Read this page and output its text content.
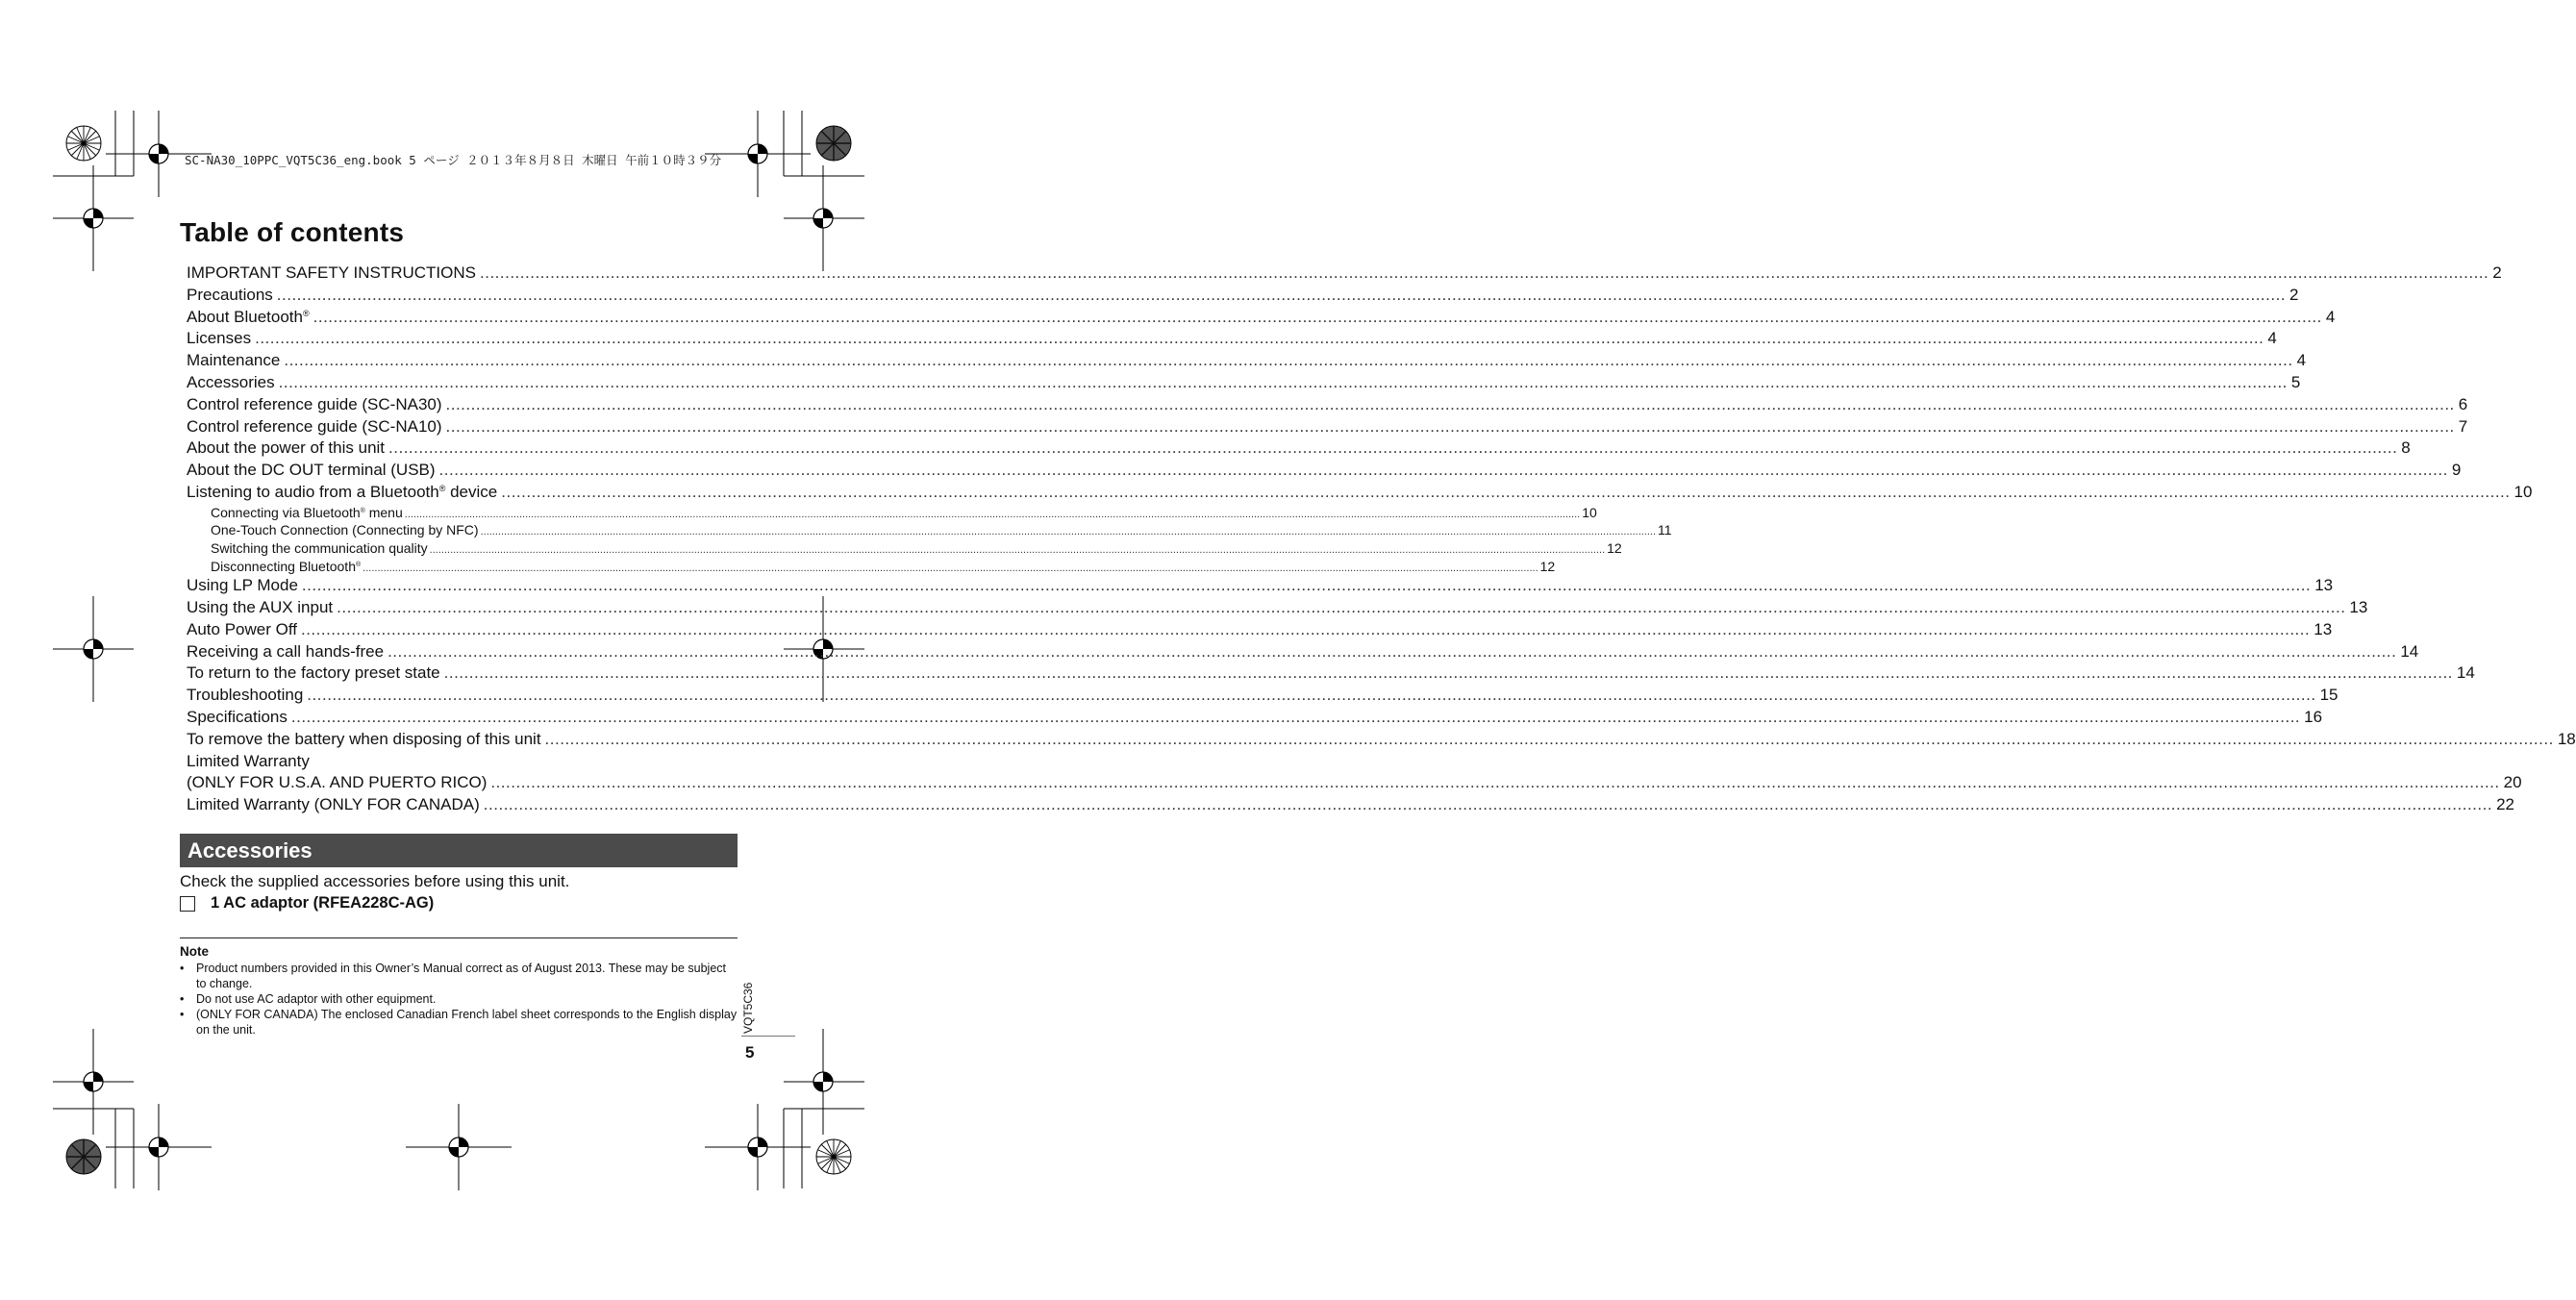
SC-NA30_10PPC_VQT5C36_eng.book 5 ページ ２０１３年８月８日 木曜日 午前１０時３９分
Table of contents
IMPORTANT SAFETY INSTRUCTIONS ................................................................................................................................................................................................................................................................................................................................................................................................................ 2
Precautions ................................................................................................................................................................................................................................................................................................................................................................................................................ 2
About Bluetooth® ................................................................................................................................................................................................................................................................................................................................................................................................................ 4
Licenses ................................................................................................................................................................................................................................................................................................................................................................................................................ 4
Maintenance ................................................................................................................................................................................................................................................................................................................................................................................................................ 4
Accessories ................................................................................................................................................................................................................................................................................................................................................................................................................ 5
Control reference guide (SC-NA30) ................................................................................................................................................................................................................................................................................................................................................................................................................ 6
Control reference guide (SC-NA10) ................................................................................................................................................................................................................................................................................................................................................................................................................ 7
About the power of this unit ................................................................................................................................................................................................................................................................................................................................................................................................................ 8
About the DC OUT terminal (USB) ................................................................................................................................................................................................................................................................................................................................................................................................................ 9
Listening to audio from a Bluetooth® device ................................................................................................................................................................................................................................................................................................................................................................................................................ 10
Connecting via Bluetooth® menu ................................................................................................................................................................................................................................................................................................................................................................................................................ 10
One-Touch Connection (Connecting by NFC) ................................................................................................................................................................................................................................................................................................................................................................................................................ 11
Switching the communication quality ................................................................................................................................................................................................................................................................................................................................................................................................................ 12
Disconnecting Bluetooth® ................................................................................................................................................................................................................................................................................................................................................................................................................ 12
Using LP Mode ................................................................................................................................................................................................................................................................................................................................................................................................................ 13
Using the AUX input ................................................................................................................................................................................................................................................................................................................................................................................................................ 13
Auto Power Off ................................................................................................................................................................................................................................................................................................................................................................................................................ 13
Receiving a call hands-free ................................................................................................................................................................................................................................................................................................................................................................................................................ 14
To return to the factory preset state ................................................................................................................................................................................................................................................................................................................................................................................................................ 14
Troubleshooting ................................................................................................................................................................................................................................................................................................................................................................................................................ 15
Specifications ................................................................................................................................................................................................................................................................................................................................................................................................................ 16
To remove the battery when disposing of this unit ................................................................................................................................................................................................................................................................................................................................................................................................................ 18
Limited Warranty
(ONLY FOR U.S.A. AND PUERTO RICO) ................................................................................................................................................................................................................................................................................................................................................................................................................ 20
Limited Warranty (ONLY FOR CANADA) ................................................................................................................................................................................................................................................................................................................................................................................................................ 22
Accessories
Check the supplied accessories before using this unit.
1 AC adaptor (RFEA228C-AG)
Note
• Product numbers provided in this Owner’s Manual correct as of August 2013. These may be subject to change.
• Do not use AC adaptor with other equipment.
• (ONLY FOR CANADA) The enclosed Canadian French label sheet corresponds to the English display on the unit.	VQT5C36
5
